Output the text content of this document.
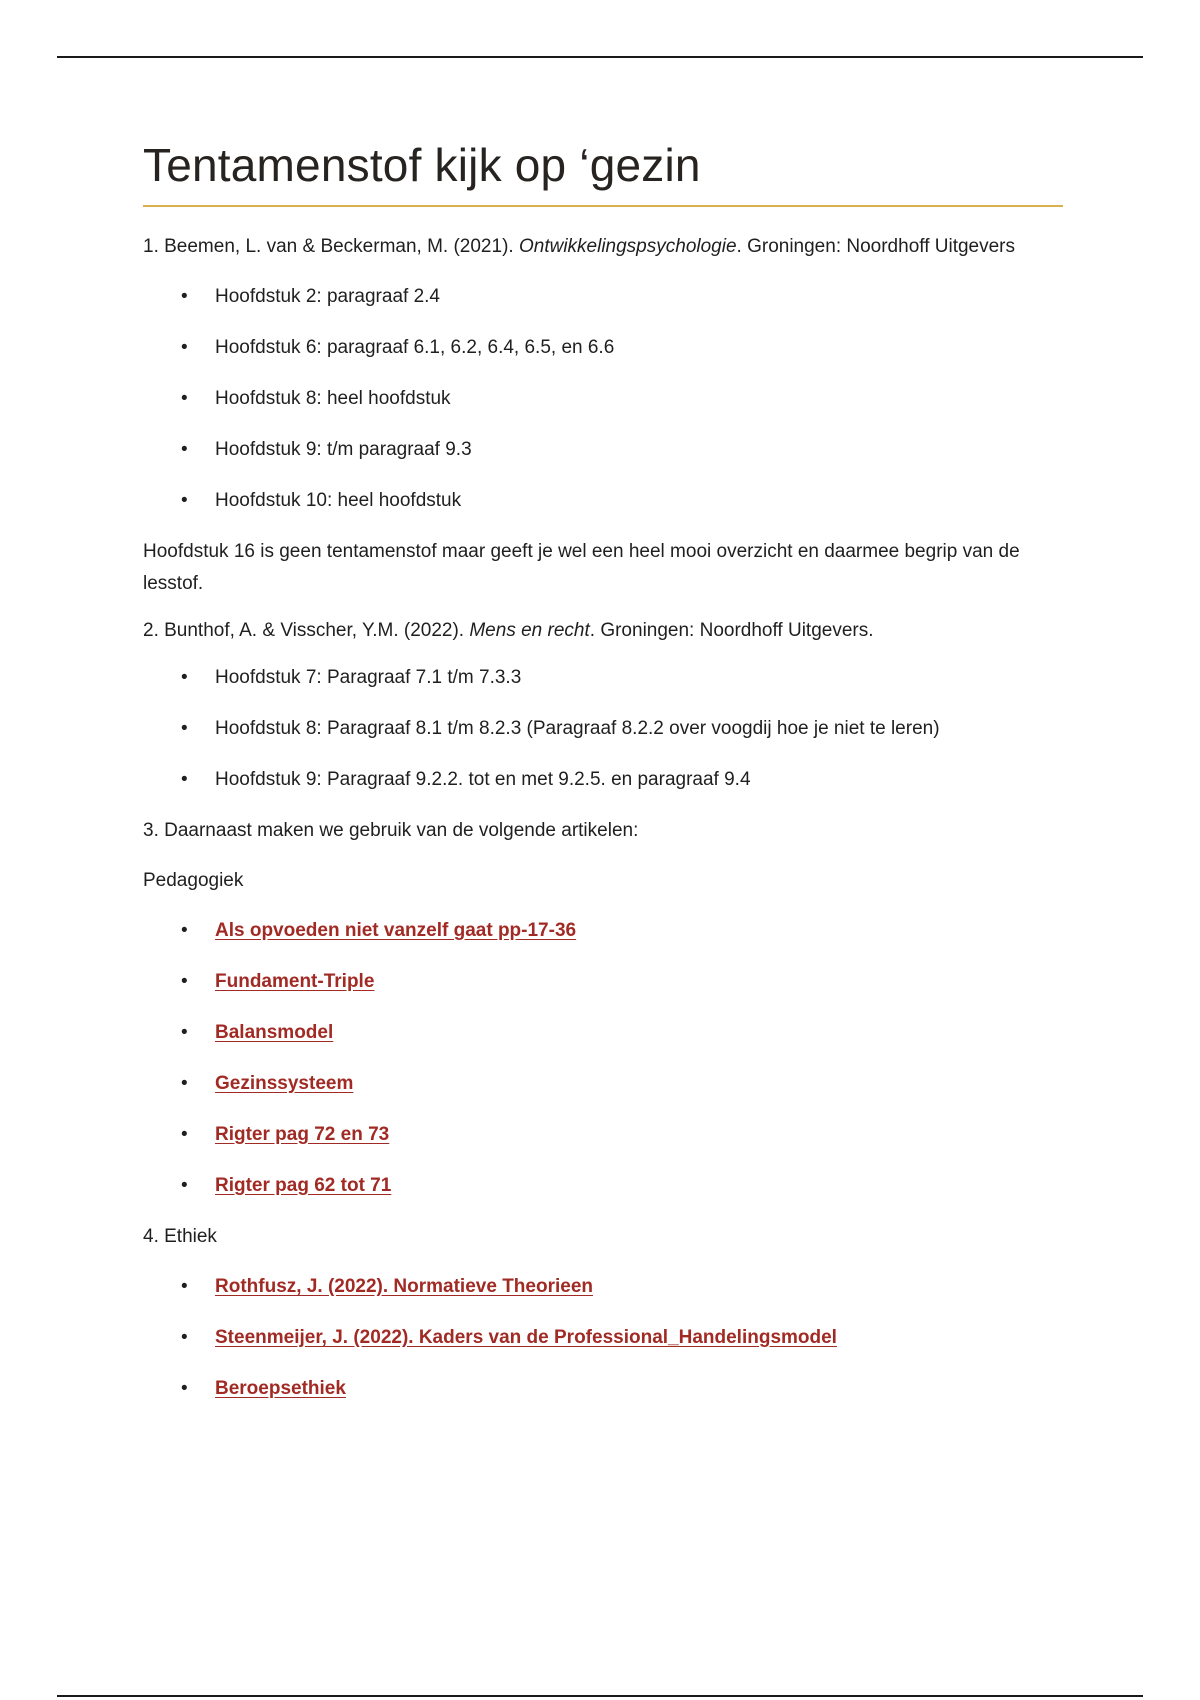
Tentamenstof kijk op ‘gezin

1. Beemen, L. van & Beckerman, M. (2021). Ontwikkelingspsychologie. Groningen: Noordhoff Uitgevers

• Hoofdstuk 2: paragraaf 2.4
• Hoofdstuk 6: paragraaf 6.1, 6.2, 6.4, 6.5, en 6.6
• Hoofdstuk 8: heel hoofdstuk
• Hoofdstuk 9: t/m paragraaf 9.3
• Hoofdstuk 10: heel hoofdstuk

Hoofdstuk 16 is geen tentamenstof maar geeft je wel een heel mooi overzicht en daarmee begrip van de lesstof.

2. Bunthof, A. & Visscher, Y.M. (2022). Mens en recht. Groningen: Noordhoff Uitgevers.

• Hoofdstuk 7: Paragraaf 7.1 t/m 7.3.3
• Hoofdstuk 8: Paragraaf 8.1 t/m 8.2.3 (Paragraaf 8.2.2 over voogdij hoe je niet te leren)
• Hoofdstuk 9: Paragraaf 9.2.2. tot en met 9.2.5. en paragraaf 9.4

3. Daarnaast maken we gebruik van de volgende artikelen:

Pedagogiek

• Als opvoeden niet vanzelf gaat pp-17-36
• Fundament-Triple
• Balansmodel
• Gezinssysteem
• Rigter pag 72 en 73
• Rigter pag 62 tot 71

4. Ethiek

• Rothfusz, J. (2022). Normatieve Theorieen
• Steenmeijer, J. (2022). Kaders van de Professional_Handelingsmodel
• Beroepsethiek
